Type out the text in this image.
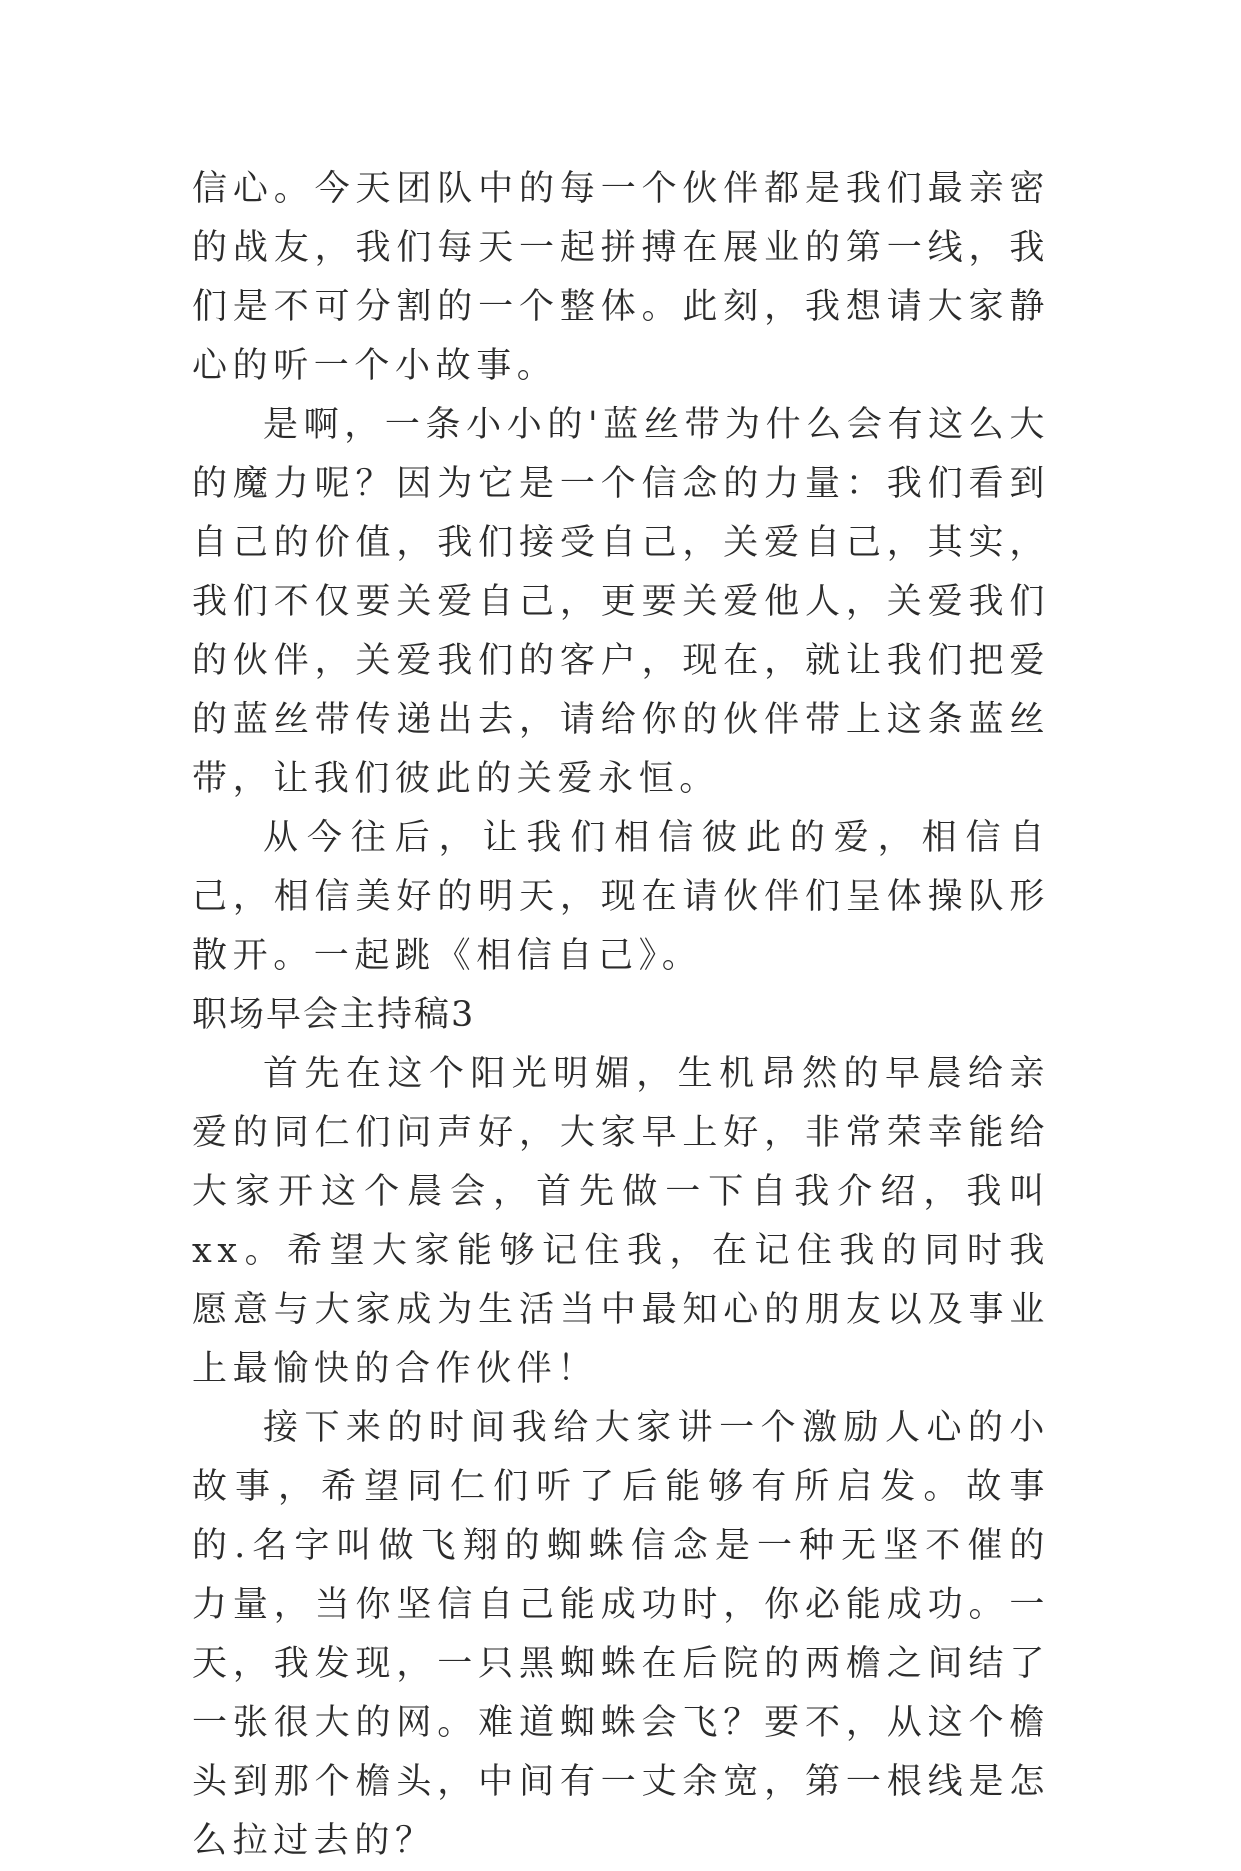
信心。今天团队中的每一个伙伴都是我们最亲密的战友，我们每天一起拼搏在展业的第一线，我们是不可分割的一个整体。此刻，我想请大家静心的听一个小故事。

是啊，一条小小的'蓝丝带为什么会有这么大的魔力呢？因为它是一个信念的力量：我们看到自己的价值，我们接受自己，关爱自己，其实，我们不仅要关爱自己，更要关爱他人，关爱我们的伙伴，关爱我们的客户，现在，就让我们把爱的蓝丝带传递出去，请给你的伙伴带上这条蓝丝带，让我们彼此的关爱永恒。

从今往后，让我们相信彼此的爱，相信自己，相信美好的明天，现在请伙伴们呈体操队形散开。一起跳《相信自己》。

职场早会主持稿3

首先在这个阳光明媚，生机昂然的早晨给亲爱的同仁们问声好，大家早上好，非常荣幸能给大家开这个晨会，首先做一下自我介绍，我叫xx。希望大家能够记住我，在记住我的同时我愿意与大家成为生活当中最知心的朋友以及事业上最愉快的合作伙伴！

接下来的时间我给大家讲一个激励人心的小故事，希望同仁们听了后能够有所启发。故事的.名字叫做飞翔的蜘蛛信念是一种无坚不催的力量，当你坚信自己能成功时，你必能成功。一天，我发现，一只黑蜘蛛在后院的两檐之间结了一张很大的网。难道蜘蛛会飞？要不，从这个檐头到那个檐头，中间有一丈余宽，第一根线是怎么拉过去的？
